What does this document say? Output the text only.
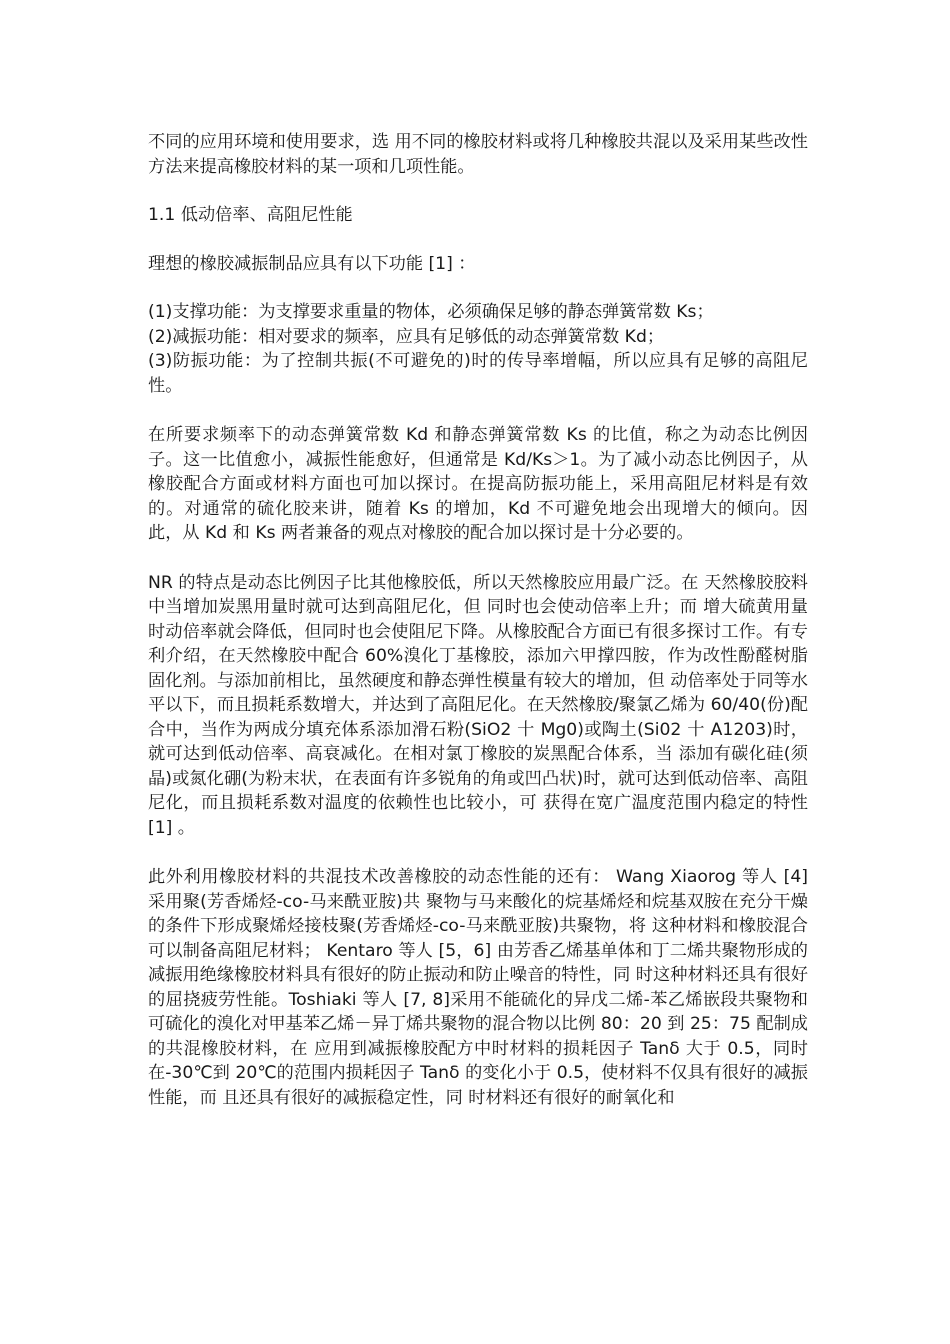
不同的应用环境和使用要求，选 用不同的橡胶材料或将几种橡胶共混以及采用某些改性方法来提高橡胶材料的某一项和几项性能。

1.1 低动倍率、高阻尼性能

理想的橡胶减振制品应具有以下功能 [1] ：

(1)支撑功能：为支撑要求重量的物体，必须确保足够的静态弹簧常数 Ks；

(2)减振功能：相对要求的频率，应具有足够低的动态弹簧常数 Kd；

(3)防振功能：为了控制共振(不可避免的)时的传导率增幅，所以应具有足够的高阻尼性。

在所要求频率下的动态弹簧常数 Kd 和静态弹簧常数 Ks 的比值，称之为动态比例因子。这一比值愈小，减振性能愈好，但通常是 Kd/Ks＞1。为了减小动态比例因子，从橡胶配合方面或材料方面也可加以探讨。在提高防振功能上，采用高阻尼材料是有效的。对通常的硫化胶来讲，随着 Ks 的增加，Kd 不可避免地会出现增大的倾向。因此，从 Kd 和 Ks 两者兼备的观点对橡胶的配合加以探讨是十分必要的。

NR 的特点是动态比例因子比其他橡胶低，所以天然橡胶应用最广泛。在 天然橡胶胶料中当增加炭黑用量时就可达到高阻尼化，但 同时也会使动倍率上升；而 增大硫黄用量时动倍率就会降低，但同时也会使阻尼下降。从橡胶配合方面已有很多探讨工作。有专利介绍，在天然橡胶中配合 60%溴化丁基橡胶，添加六甲撑四胺，作为改性酚醛树脂固化剂。与添加前相比，虽然硬度和静态弹性模量有较大的增加，但 动倍率处于同等水平以下，而且损耗系数增大，并达到了高阻尼化。在天然橡胶/聚氯乙烯为 60/40(份)配合中，当作为两成分填充体系添加滑石粉(SiO2 十 Mg0)或陶土(Si02 十 A1203)时，就可达到低动倍率、高衰减化。在相对氯丁橡胶的炭黑配合体系，当 添加有碳化硅(须晶)或氮化硼(为粉末状，在表面有许多锐角的角或凹凸状)时，就可达到低动倍率、高阻尼化，而且损耗系数对温度的依赖性也比较小，可 获得在宽广温度范围内稳定的特性 [1] 。

此外利用橡胶材料的共混技术改善橡胶的动态性能的还有： Wang Xiaorog 等人 [4] 采用聚(芳香烯烃-co-马来酰亚胺)共 聚物与马来酸化的烷基烯烃和烷基双胺在充分干燥的条件下形成聚烯烃接枝聚(芳香烯烃-co-马来酰亚胺)共聚物，将 这种材料和橡胶混合可以制备高阻尼材料； Kentaro 等人 [5，6] 由芳香乙烯基单体和丁二烯共聚物形成的减振用绝缘橡胶材料具有很好的防止振动和防止噪音的特性，同 时这种材料还具有很好的屈挠疲劳性能。Toshiaki 等人 [7, 8]采用不能硫化的异戊二烯-苯乙烯嵌段共聚物和可硫化的溴化对甲基苯乙烯－异丁烯共聚物的混合物以比例 80：20 到 25：75 配制成的共混橡胶材料，在 应用到减振橡胶配方中时材料的损耗因子 Tanδ 大于 0.5，同时在-30℃到 20℃的范围内损耗因子 Tanδ 的变化小于 0.5，使材料不仅具有很好的减振性能，而 且还具有很好的减振稳定性，同 时材料还有很好的耐氧化和
